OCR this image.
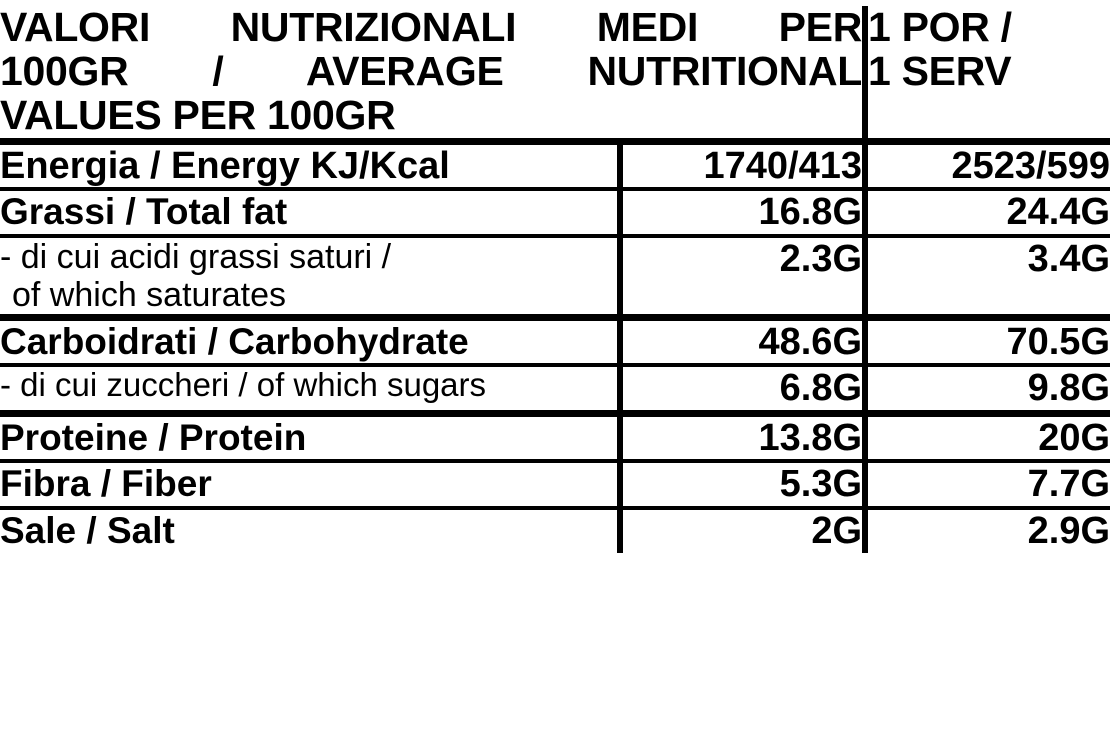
VALORI NUTRIZIONALI MEDI PER
100GR / AVERAGE NUTRITIONAL
VALUES PER 100GR		1 POR /
1 SERV

Energia / Energy KJ/Kcal	1740/413	2523/599
Grassi / Total fat	16.8G	24.4G
- di cui acidi grassi saturi /
of which saturates	2.3G	3.4G
Carboidrati / Carbohydrate	48.6G	70.5G
- di cui zuccheri / of which sugars	6.8G	9.8G
Proteine / Protein	13.8G	20G
Fibra / Fiber	5.3G	7.7G
Sale / Salt	2G	2.9G
